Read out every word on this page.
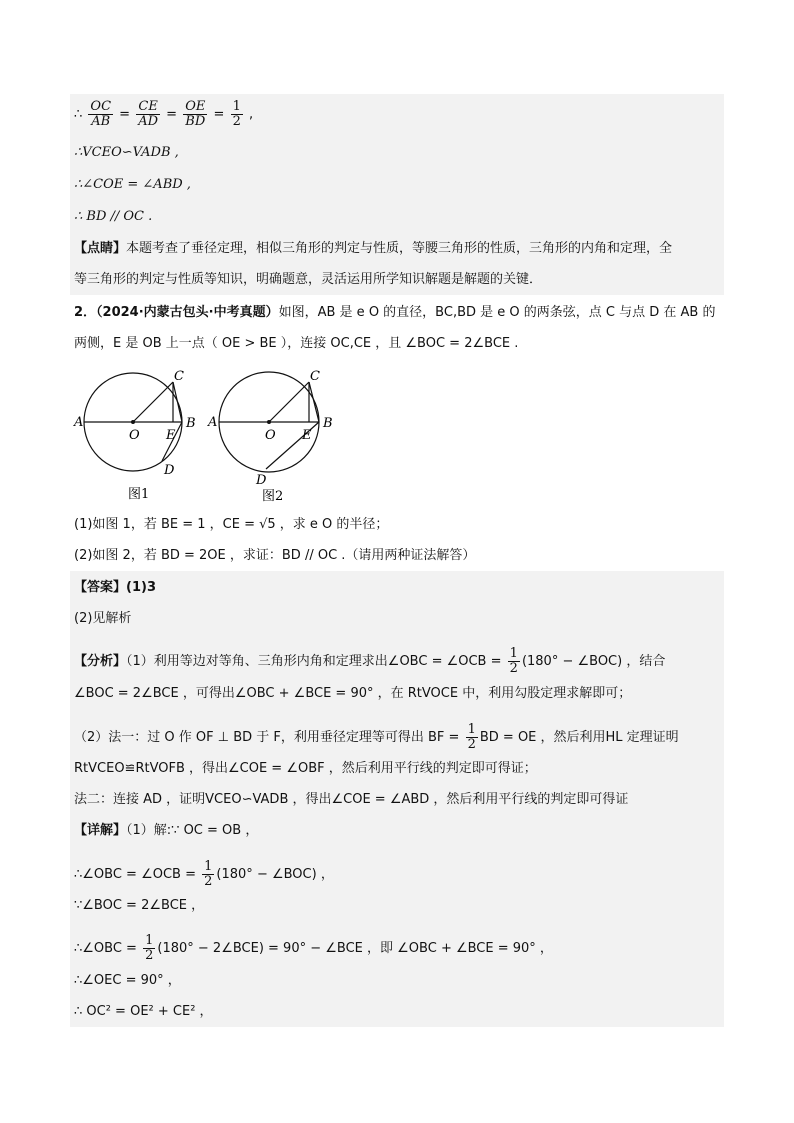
∴ $\frac{OC}{AB} = \frac{CE}{AD} = \frac{OE}{BD} = \frac{1}{2}$ ,
∴VCEO∽VADB ,
∴∠COE = ∠ABD ,
∴ BD // OC .
【点睛】本题考查了垂径定理，相似三角形的判定与性质，等腰三角形的性质，三角形的内角和定理，全
等三角形的判定与性质等知识，明确题意，灵活运用所学知识解题是解题的关键．
2．（2024·内蒙古包头·中考真题）如图，AB 是 e O 的直径，BC,BD 是 e O 的两条弦，点 C 与点 D 在 AB 的
两侧，E 是 OB 上一点（ OE > BE ），连接 OC,CE ，且 ∠BOC = 2∠BCE .
A
O E
B
C
D
图1
A
O E
B
C
D
图2
(1)如图 1，若 BE = 1 ，CE = √5 ，求 e O 的半径；
(2)如图 2，若 BD = 2OE ，求证：BD // OC .（请用两种证法解答）
【答案】(1)3
(2)见解析
【分析】（1）利用等边对等角、三角形内角和定理求出∠OBC = ∠OCB = $\frac{1}{2} (180^\circ$ − ∠BOC) ，结合
∠BOC = 2∠BCE ，可得出∠OBC + ∠BCE = 90° ，在 RtVOCE 中，利用勾股定理求解即可；
（2）法一：过 O 作 OF ⊥ BD 于 F，利用垂径定理等可得出 BF = $\frac{1}{2}$ BD = OE ，然后利用HL 定理证明
RtVCEO≌RtVOFB ，得出∠COE = ∠OBF ，然后利用平行线的判定即可得证；
法二：连接 AD ，证明VCEO∽VADB ，得出∠COE = ∠ABD ，然后利用平行线的判定即可得证
【详解】（1）解:∵ OC = OB ，
∴∠OBC = ∠OCB = $\frac{1}{2} (180^\circ$ − ∠BOC) ，
∵∠BOC = 2∠BCE ，
∴∠OBC = $\frac{1}{2} (180^\circ$ − 2∠BCE) = 90° − ∠BCE ，即 ∠OBC + ∠BCE = 90° ，
∴∠OEC = 90° ，
∴ OC² = OE² + CE² ，
